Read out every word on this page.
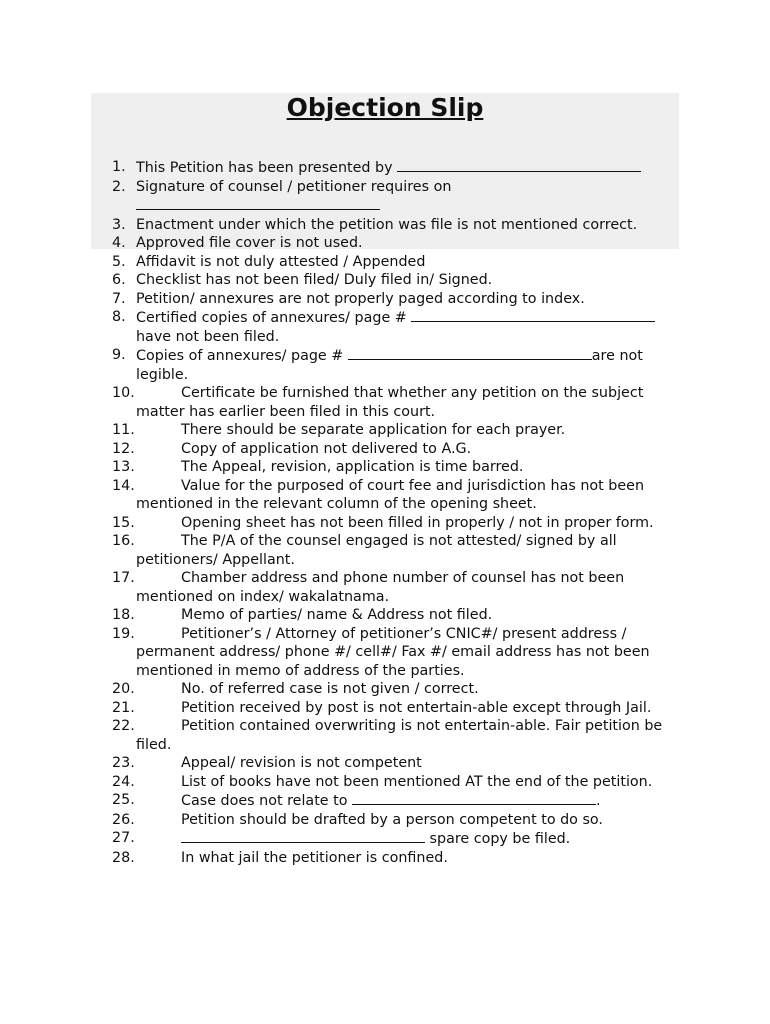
Objection Slip
1. This Petition has been presented by
2. Signature of counsel / petitioner requires on
3. Enactment under which the petition was file is not mentioned correct.
4. Approved file cover is not used.
5. Affidavit is not duly attested / Appended
6. Checklist has not been filed/ Duly filed in/ Signed.
7. Petition/ annexures are not properly paged according to index.
8. Certified copies of annexures/ page #  have not been filed.
9. Copies of annexures/ page #	are not legible.
10.	Certificate be furnished that whether any petition on the subject matter has earlier been filed in this court.
11.	There should be separate application for each prayer.
12.	Copy of application not delivered to A.G.
13.	The Appeal, revision, application is time barred.
14.	Value for the purposed of court fee and jurisdiction has not been mentioned in the relevant column of the opening sheet.
15.	Opening sheet has not been filled in properly / not in proper form.
16.	The P/A of the counsel engaged is not attested/ signed by all petitioners/ Appellant.
17.	Chamber address and phone number of counsel has not been mentioned on index/ wakalatnama.
18.	Memo of parties/ name & Address not filed.
19.	Petitioner’s / Attorney of petitioner’s CNIC#/ present address / permanent address/ phone #/ cell#/ Fax #/ email address has not been mentioned in memo of address of the parties.
20.	No. of referred case is not given / correct.
21.	Petition received by post is not entertain-able except through Jail.
22.	Petition contained overwriting is not entertain-able. Fair petition be filed.
23.	Appeal/ revision is not competent
24.	List of books have not been mentioned AT the end of the petition.
25.	Case does not relate to	.
26.	Petition should be drafted by a person competent to do so.
27.	spare copy be filed.
28.	In what jail the petitioner is confined.
